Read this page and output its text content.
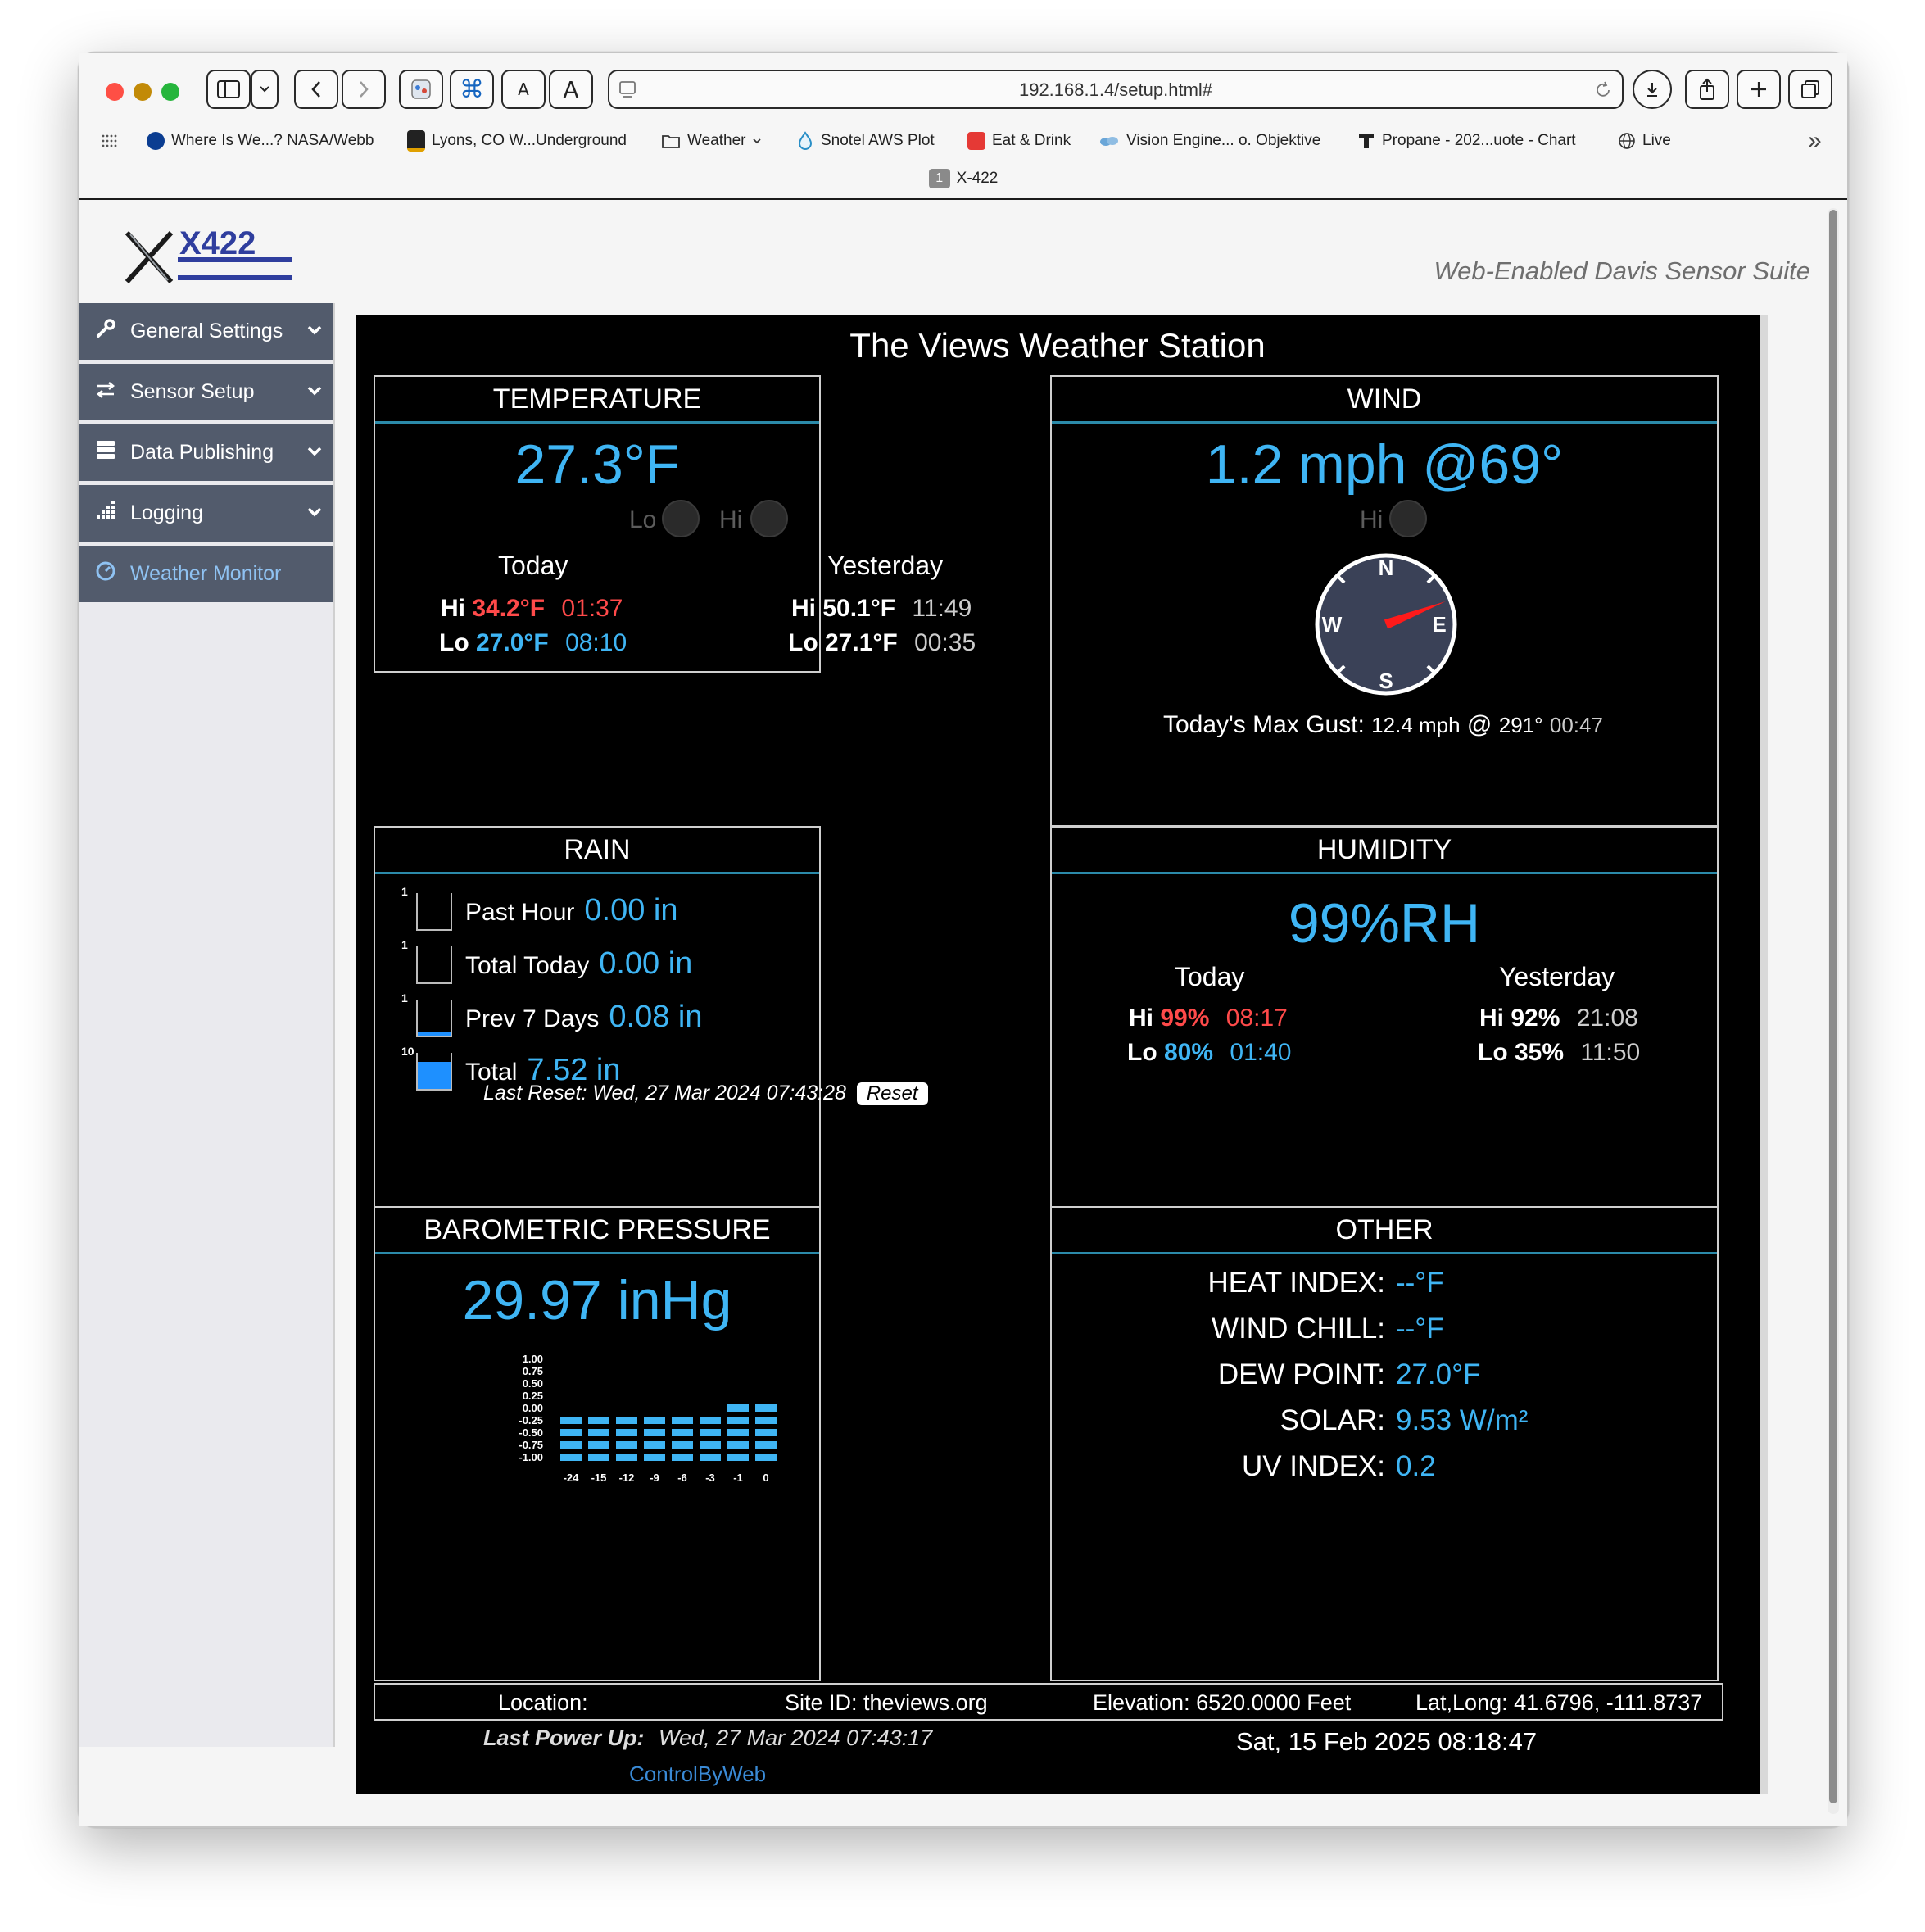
⌘ A A	192.168.1.4/setup.html#
Where Is We...? NASA/Webb	Lyons, CO W...Underground	Weather	Snotel AWS Plot	Eat & Drink	Vision Engine... o. Objektive	Propane - 202...uote - Chart	Live	»
1 X-422
X422
Web-Enabled Davis Sensor Suite
General Settings
Sensor Setup
Data Publishing
Logging
Weather Monitor
The Views Weather Station
TEMPERATURE
27.3°F
Lo	Hi
Today	Yesterday
Hi 34.2°F 01:37
Lo 27.0°F 08:10
Hi 50.1°F 11:49
Lo 27.1°F 00:35
WIND
1.2 mph @69°
Hi
N
E
S
W
Today's Max Gust: 12.4 mph @ 291° 00:47
RAIN
1
Past Hour 0.00 in
1
Total Today 0.00 in
1
Prev 7 Days 0.08 in
10
Total 7.52 in
Last Reset: Wed, 27 Mar 2024 07:43:28 Reset
HUMIDITY
99%RH
Today	Yesterday
Hi 99% 08:17
Lo 80% 01:40
Hi 92% 21:08
Lo 35% 11:50
BAROMETRIC PRESSURE
29.97 inHg
1.00
0.75
0.50
0.25
0.00
-0.25
-0.50
-0.75
-1.00
-24 -15 -12 -9 -6 -3 -1 0
OTHER
HEAT INDEX: --°F
WIND CHILL: --°F
DEW POINT: 27.0°F
SOLAR: 9.53 W/m²
UV INDEX: 0.2
Location:	Site ID: theviews.org	Elevation: 6520.0000 Feet	Lat,Long: 41.6796, -111.8737
Last Power Up: Wed, 27 Mar 2024 07:43:17	Sat, 15 Feb 2025 08:18:47
ControlByWeb
